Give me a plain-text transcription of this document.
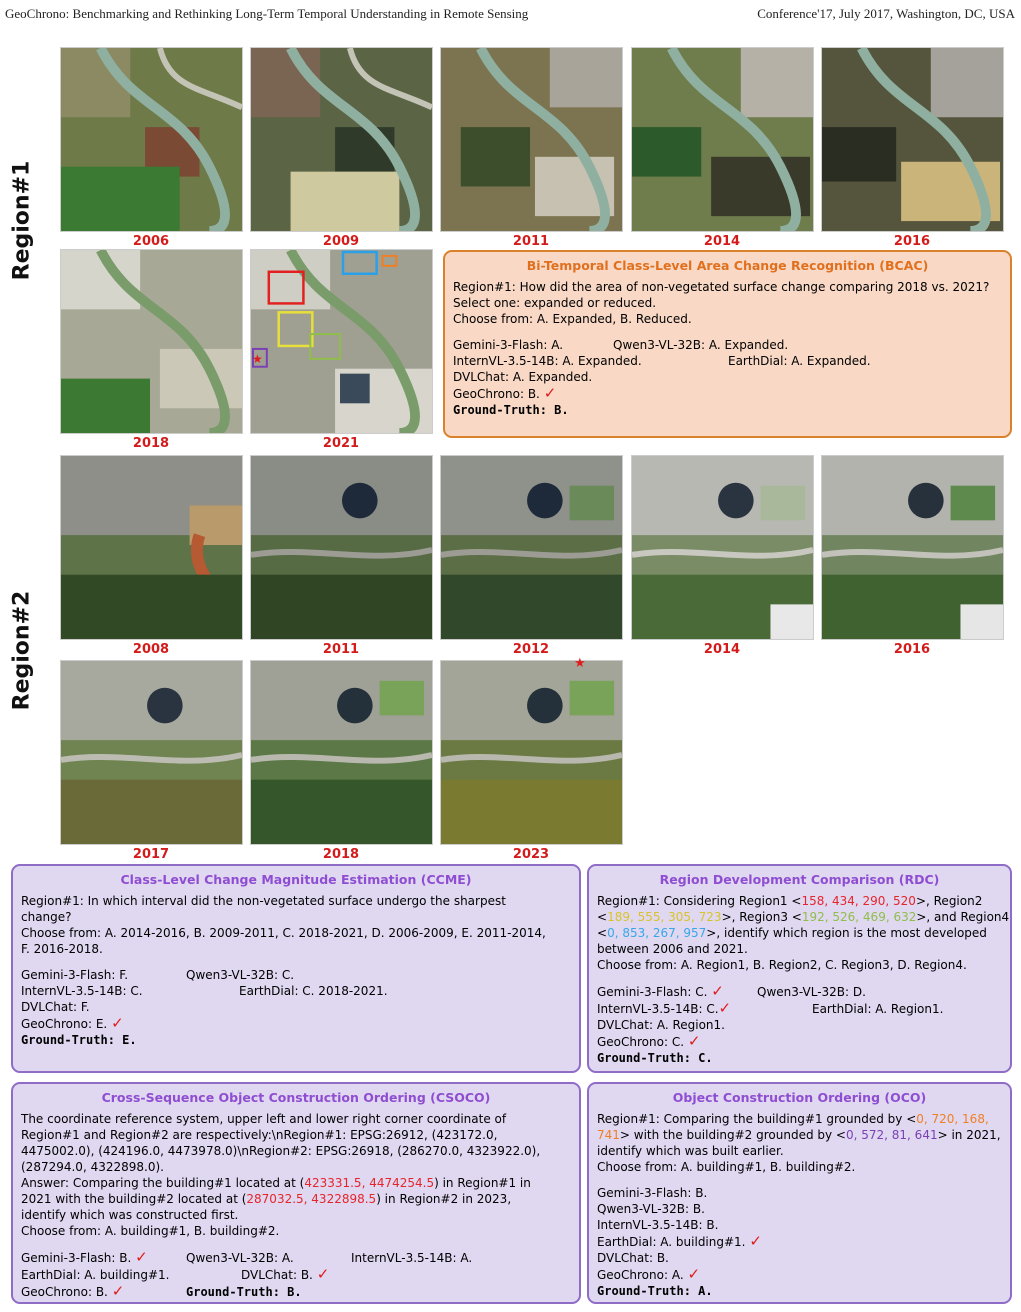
GeoChrono: Benchmarking and Rethinking Long-Term Temporal Understanding in Remote Sensing	Conference'17, July 2017, Washington, DC, USA
Region#1	2006	2009	2011	2014	2016
★
2018	2021
Bi-Temporal Class-Level Area Change Recognition (BCAC)
Region#1: How did the area of non-vegetated surface change comparing 2018 vs. 2021?
Select one: expanded or reduced.
Choose from: A. Expanded, B. Reduced.
Gemini-3-Flash: A.	Qwen3-VL-32B: A. Expanded.
InternVL-3.5-14B: A. Expanded.	EarthDial: A. Expanded.
DVLChat: A. Expanded.
GeoChrono: B. ✓
Ground-Truth: B.
Region#2	2008	2011	2012	2014	2016
★
2017	2018	2023
Class-Level Change Magnitude Estimation (CCME)
Region#1: In which interval did the non-vegetated surface undergo the sharpest
change?
Choose from: A. 2014-2016, B. 2009-2011, C. 2018-2021, D. 2006-2009, E. 2011-2014,
F. 2016-2018.
Gemini-3-Flash: F.	Qwen3-VL-32B: C.
InternVL-3.5-14B: C.	EarthDial: C. 2018-2021.
DVLChat: F.
GeoChrono: E. ✓
Ground-Truth: E.
Region Development Comparison (RDC)
Region#1: Considering Region1 <158, 434, 290, 520>, Region2
<189, 555, 305, 723>, Region3 <192, 526, 469, 632>, and Region4
<0, 853, 267, 957>, identify which region is the most developed
between 2006 and 2021.
Choose from: A. Region1, B. Region2, C. Region3, D. Region4.
Gemini-3-Flash: C. ✓	Qwen3-VL-32B: D.
InternVL-3.5-14B: C.✓	EarthDial: A. Region1.
DVLChat: A. Region1.
GeoChrono: C. ✓
Ground-Truth: C.
Cross-Sequence Object Construction Ordering (CSOCO)
The coordinate reference system, upper left and lower right corner coordinate of
Region#1 and Region#2 are respectively:\nRegion#1: EPSG:26912, (423172.0,
4475002.0), (424196.0, 4473978.0)\nRegion#2: EPSG:26918, (286270.0, 4323922.0),
(287294.0, 4322898.0).
Answer: Comparing the building#1 located at (423331.5, 4474254.5) in Region#1 in
2021 with the building#2 located at (287032.5, 4322898.5) in Region#2 in 2023,
identify which was constructed first.
Choose from: A. building#1, B. building#2.
Gemini-3-Flash: B. ✓	Qwen3-VL-32B: A.	InternVL-3.5-14B: A.
EarthDial: A. building#1.	DVLChat: B. ✓
GeoChrono: B. ✓	Ground-Truth: B.
Object Construction Ordering (OCO)
Region#1: Comparing the building#1 grounded by <0, 720, 168,
741> with the building#2 grounded by <0, 572, 81, 641> in 2021,
identify which was built earlier.
Choose from: A. building#1, B. building#2.
Gemini-3-Flash: B.
Qwen3-VL-32B: B.
InternVL-3.5-14B: B.
EarthDial: A. building#1. ✓
DVLChat: B.
GeoChrono: A. ✓
Ground-Truth: A.
